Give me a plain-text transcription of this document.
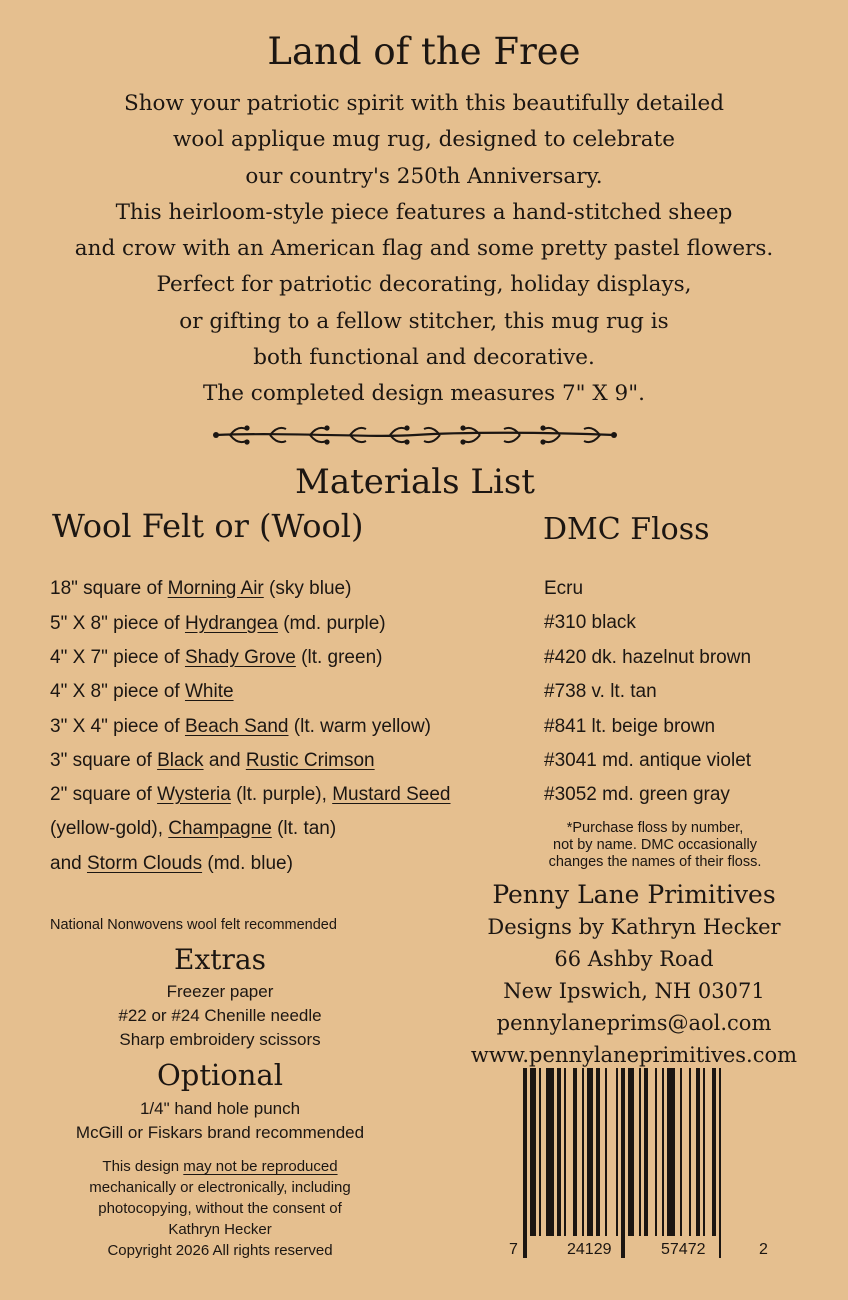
Land of the Free
Show your patriotic spirit with this beautifully detailed
wool applique mug rug, designed to celebrate
our country's 250th Anniversary.
This heirloom-style piece features a hand-stitched sheep
and crow with an American flag and some pretty pastel flowers.
Perfect for patriotic decorating, holiday displays,
or gifting to a fellow stitcher, this mug rug is
both functional and decorative.
The completed design measures 7" X 9".
Materials List
Wool Felt or (Wool)	DMC Floss
18" square of Morning Air (sky blue)
5" X 8" piece of Hydrangea (md. purple)
4" X 7" piece of Shady Grove (lt. green)
4" X 8" piece of White
3" X 4" piece of Beach Sand (lt. warm yellow)
3" square of Black and Rustic Crimson
2" square of Wysteria (lt. purple), Mustard Seed
(yellow-gold), Champagne (lt. tan)
and Storm Clouds (md. blue)
Ecru
#310 black
#420 dk. hazelnut brown
#738 v. lt. tan
#841 lt. beige brown
#3041 md. antique violet
#3052 md. green gray
*Purchase floss by number,
not by name. DMC occasionally
changes the names of their floss.
National Nonwovens wool felt recommended
Extras
Freezer paper
#22 or #24 Chenille needle
Sharp embroidery scissors
Optional
1/4" hand hole punch
McGill or Fiskars brand recommended
This design may not be reproduced
mechanically or electronically, including
photocopying, without the consent of
Kathryn Hecker
Copyright 2026 All rights reserved
Penny Lane Primitives
Designs by Kathryn Hecker
66 Ashby Road
New Ipswich, NH 03071
pennylaneprims@aol.com
www.pennylaneprimitives.com
7	24129	57472	2
